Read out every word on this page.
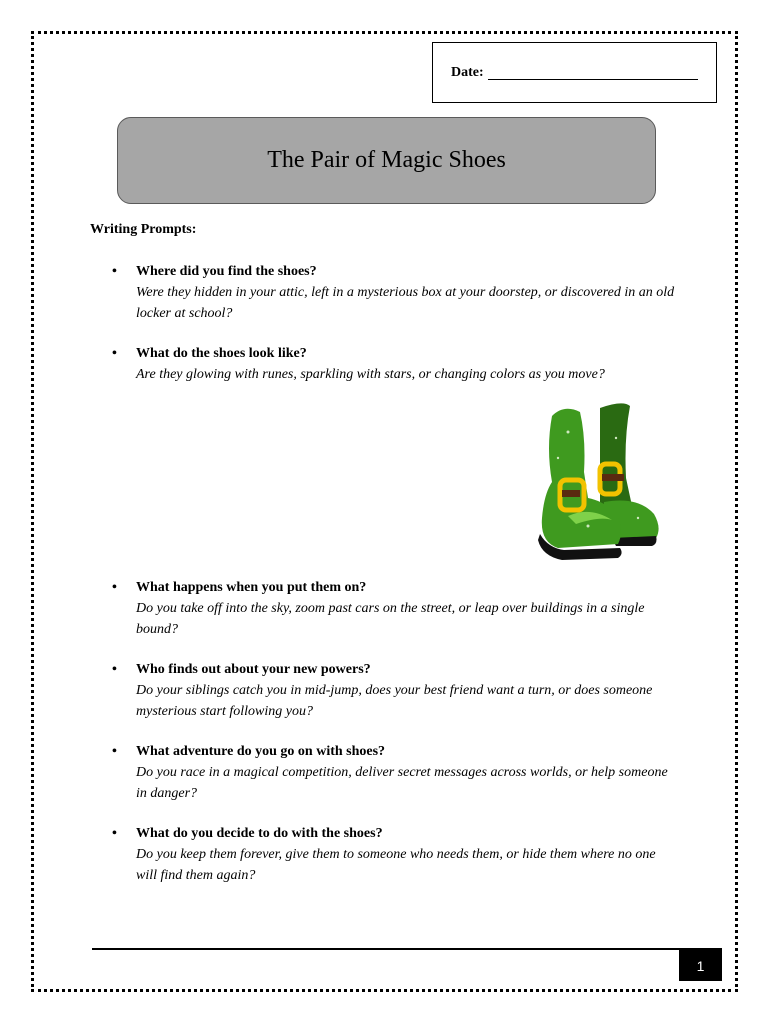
Date:
The Pair of Magic Shoes
Writing Prompts:
•	Where did you find the shoes?
Were they hidden in your attic, left in a mysterious box at your doorstep, or discovered in an old locker at school?
•	What do the shoes look like?
Are they glowing with runes, sparkling with stars, or changing colors as you move?
•	What happens when you put them on?
Do you take off into the sky, zoom past cars on the street, or leap over buildings in a single bound?
•	Who finds out about your new powers?
Do your siblings catch you in mid-jump, does your best friend want a turn, or does someone mysterious start following you?
•	What adventure do you go on with shoes?
Do you race in a magical competition, deliver secret messages across worlds, or help someone in danger?
•	What do you decide to do with the shoes?
Do you keep them forever, give them to someone who needs them, or hide them where no one will find them again?
1
